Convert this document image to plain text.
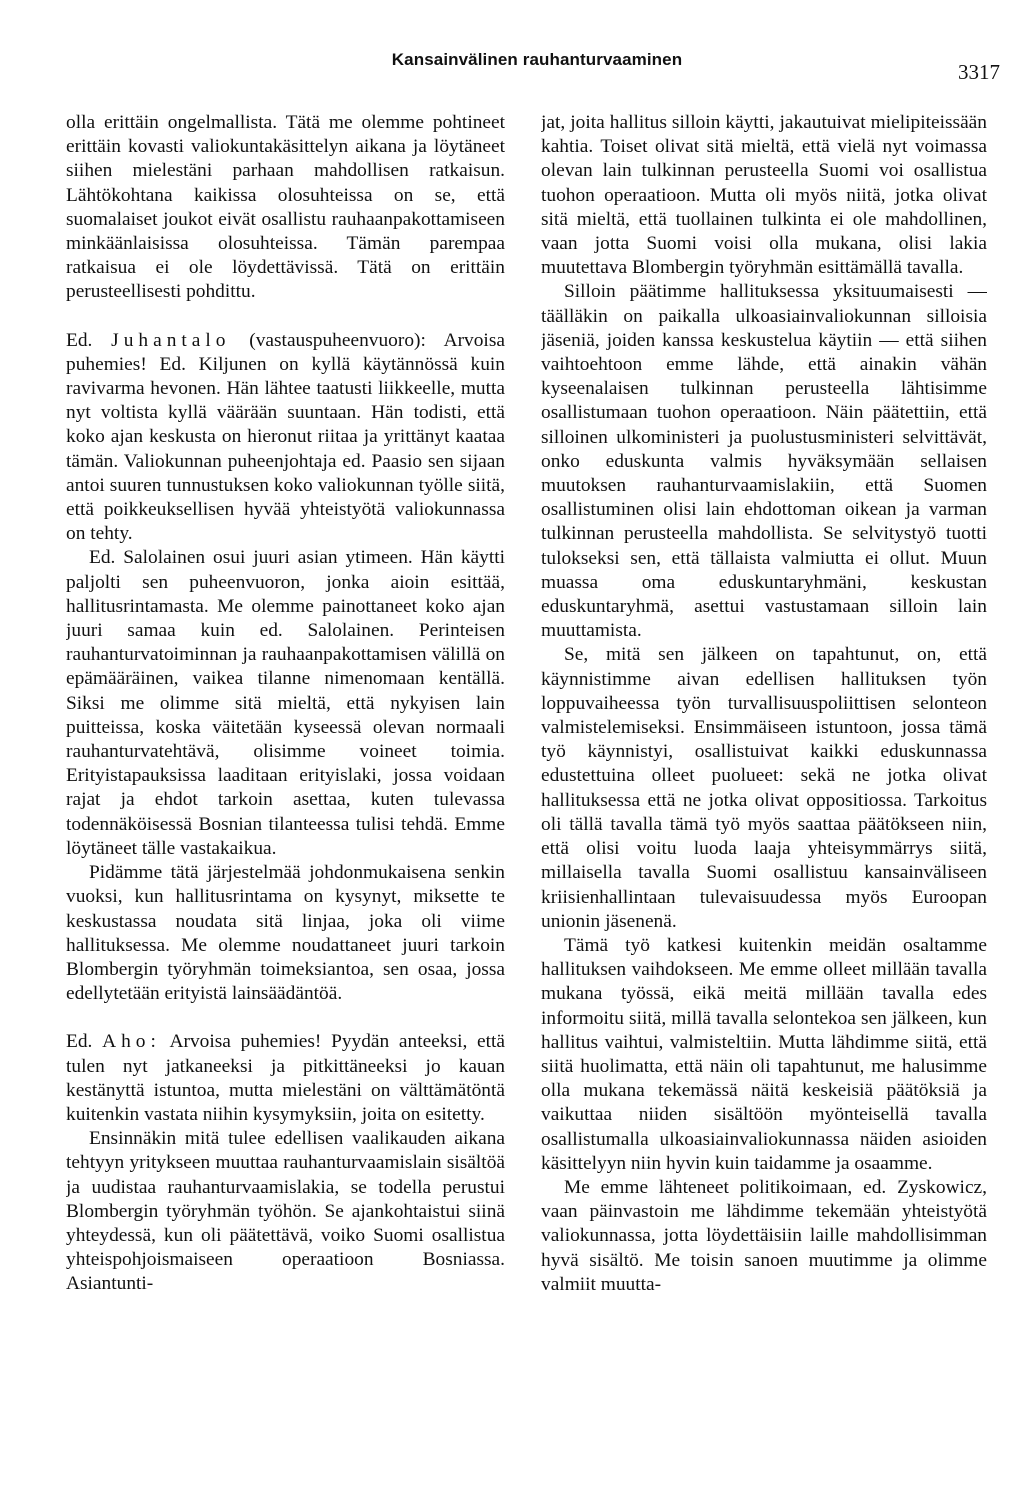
Kansainvälinen rauhanturvaaminen
3317

olla erittäin ongelmallista. Tätä me olemme pohtineet erittäin kovasti valiokuntakäsittelyn aikana ja löytäneet siihen mielestäni parhaan mahdollisen ratkaisun. Lähtökohtana kaikissa olosuhteissa on se, että suomalaiset joukot eivät osallistu rauhaanpakottamiseen minkäänlaisissa olosuhteissa. Tämän parempaa ratkaisua ei ole löydettävissä. Tätä on erittäin perusteellisesti pohdittu.

Ed. Juhantalo (vastauspuheenvuoro): Arvoisa puhemies! Ed. Kiljunen on kyllä käytännössä kuin ravivarma hevonen. Hän lähtee taatusti liikkeelle, mutta nyt voltista kyllä väärään suuntaan. Hän todisti, että koko ajan keskusta on hieronut riitaa ja yrittänyt kaataa tämän. Valiokunnan puheenjohtaja ed. Paasio sen sijaan antoi suuren tunnustuksen koko valiokunnan työlle siitä, että poikkeuksellisen hyvää yhteistyötä valiokunnassa on tehty.

Ed. Salolainen osui juuri asian ytimeen. Hän käytti paljolti sen puheenvuoron, jonka aioin esittää, hallitusrintamasta. Me olemme painottaneet koko ajan juuri samaa kuin ed. Salolainen. Perinteisen rauhanturvatoiminnan ja rauhaanpakottamisen välillä on epämääräinen, vaikea tilanne nimenomaan kentällä. Siksi me olimme sitä mieltä, että nykyisen lain puitteissa, koska väitetään kyseessä olevan normaali rauhanturvatehtävä, olisimme voineet toimia. Erityistapauksissa laaditaan erityislaki, jossa voidaan rajat ja ehdot tarkoin asettaa, kuten tulevassa todennäköisessä Bosnian tilanteessa tulisi tehdä. Emme löytäneet tälle vastakaikua.

Pidämme tätä järjestelmää johdonmukaisena senkin vuoksi, kun hallitusrintama on kysynyt, miksette te keskustassa noudata sitä linjaa, joka oli viime hallituksessa. Me olemme noudattaneet juuri tarkoin Blombergin työryhmän toimeksiantoa, sen osaa, jossa edellytetään erityistä lainsäädäntöä.

Ed. Aho: Arvoisa puhemies! Pyydän anteeksi, että tulen nyt jatkaneeksi ja pitkittäneeksi jo kauan kestänyttä istuntoa, mutta mielestäni on välttämätöntä kuitenkin vastata niihin kysymyksiin, joita on esitetty.

Ensinnäkin mitä tulee edellisen vaalikauden aikana tehtyyn yritykseen muuttaa rauhanturvaamislain sisältöä ja uudistaa rauhanturvaamislakia, se todella perustui Blombergin työryhmän työhön. Se ajankohtaistui siinä yhteydessä, kun oli päätettävä, voiko Suomi osallistua yhteispohjoismaiseen operaatioon Bosniassa. Asiantunti-

jat, joita hallitus silloin käytti, jakautuivat mielipiteissään kahtia. Toiset olivat sitä mieltä, että vielä nyt voimassa olevan lain tulkinnan perusteella Suomi voi osallistua tuohon operaatioon. Mutta oli myös niitä, jotka olivat sitä mieltä, että tuollainen tulkinta ei ole mahdollinen, vaan jotta Suomi voisi olla mukana, olisi lakia muutettava Blombergin työryhmän esittämällä tavalla.

Silloin päätimme hallituksessa yksituumaisesti — täälläkin on paikalla ulkoasiainvaliokunnan silloisia jäseniä, joiden kanssa keskustelua käytiin — että siihen vaihtoehtoon emme lähde, että ainakin vähän kyseenalaisen tulkinnan perusteella lähtisimme osallistumaan tuohon operaatioon. Näin päätettiin, että silloinen ulkoministeri ja puolustusministeri selvittävät, onko eduskunta valmis hyväksymään sellaisen muutoksen rauhanturvaamislakiin, että Suomen osallistuminen olisi lain ehdottoman oikean ja varman tulkinnan perusteella mahdollista. Se selvitystyö tuotti tulokseksi sen, että tällaista valmiutta ei ollut. Muun muassa oma eduskuntaryhmäni, keskustan eduskuntaryhmä, asettui vastustamaan silloin lain muuttamista.

Se, mitä sen jälkeen on tapahtunut, on, että käynnistimme aivan edellisen hallituksen työn loppuvaiheessa työn turvallisuuspoliittisen selonteon valmistelemiseksi. Ensimmäiseen istuntoon, jossa tämä työ käynnistyi, osallistuivat kaikki eduskunnassa edustettuina olleet puolueet: sekä ne jotka olivat hallituksessa että ne jotka olivat oppositiossa. Tarkoitus oli tällä tavalla tämä työ myös saattaa päätökseen niin, että olisi voitu luoda laaja yhteisymmärrys siitä, millaisella tavalla Suomi osallistuu kansainväliseen kriisienhallintaan tulevaisuudessa myös Euroopan unionin jäsenenä.

Tämä työ katkesi kuitenkin meidän osaltamme hallituksen vaihdokseen. Me emme olleet millään tavalla mukana työssä, eikä meitä millään tavalla edes informoitu siitä, millä tavalla selontekoa sen jälkeen, kun hallitus vaihtui, valmisteltiin. Mutta lähdimme siitä, että siitä huolimatta, että näin oli tapahtunut, me halusimme olla mukana tekemässä näitä keskeisiä päätöksiä ja vaikuttaa niiden sisältöön myönteisellä tavalla osallistumalla ulkoasiainvaliokunnassa näiden asioiden käsittelyyn niin hyvin kuin taidamme ja osaamme.

Me emme lähteneet politikoimaan, ed. Zyskowicz, vaan päinvastoin me lähdimme tekemään yhteistyötä valiokunnassa, jotta löydettäisiin laille mahdollisimman hyvä sisältö. Me toisin sanoen muutimme ja olimme valmiit muutta-
